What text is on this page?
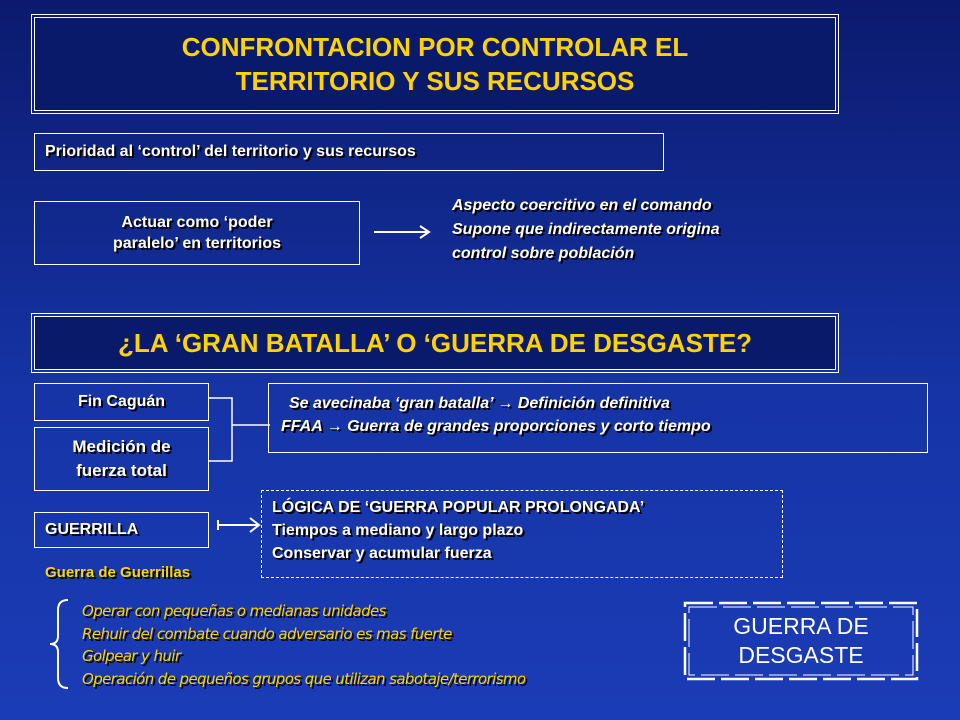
CONFRONTACION POR CONTROLAR EL
TERRITORIO Y SUS RECURSOS
Prioridad al ‘control’ del territorio y sus recursos
Actuar como ‘poder
paralelo’ en territorios
Aspecto coercitivo en el comando
Supone que indirectamente origina
control sobre población
¿LA ‘GRAN BATALLA’ O ‘GUERRA DE DESGASTE?
Fin Caguán
Medición de
fuerza total
Se avecinaba ‘gran batalla’ → Definición definitiva
FFAA → Guerra de grandes proporciones y corto tiempo
GUERRILLA
LÓGICA DE ‘GUERRA POPULAR PROLONGADA’
Tiempos a mediano y largo plazo
Conservar y acumular fuerza
Guerra de Guerrillas
Operar con pequeñas o medianas unidades
Rehuir del combate cuando adversario es mas fuerte
Golpear y huir
Operación de pequeños grupos que utilizan sabotaje/terrorismo
GUERRA DE
DESGASTE
